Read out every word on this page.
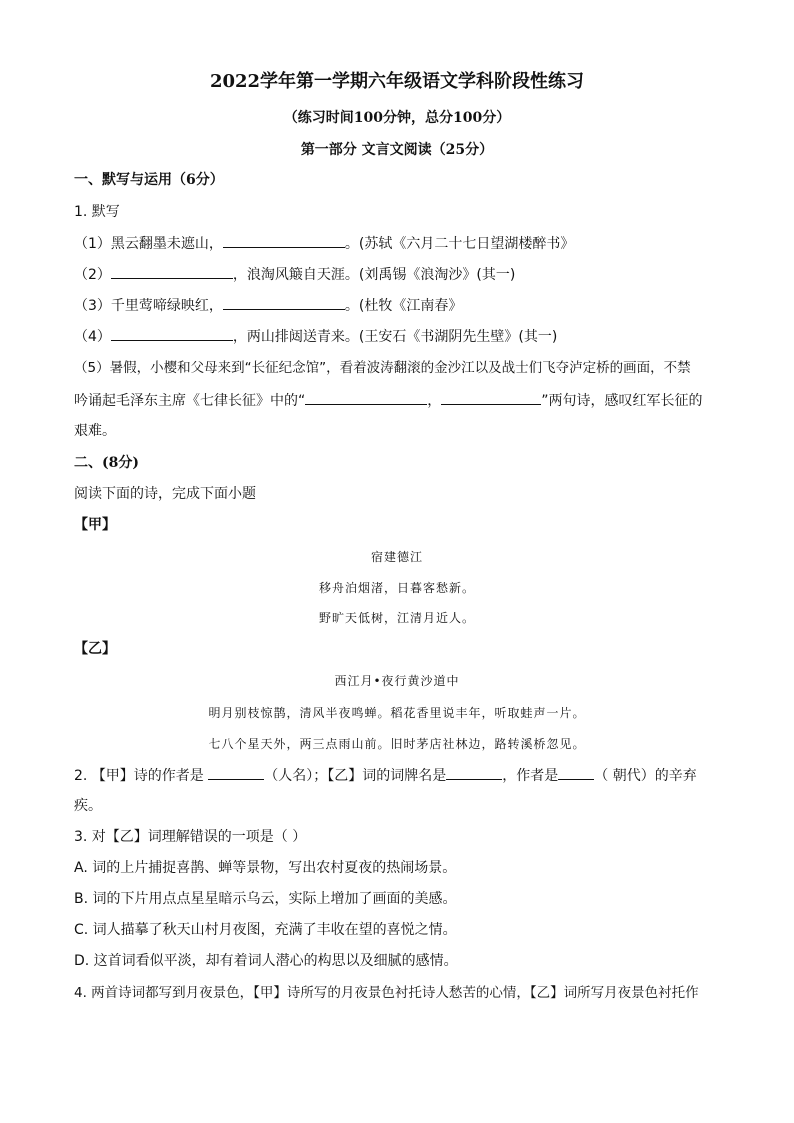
2022学年第一学期六年级语文学科阶段性练习
（练习时间100分钟，总分100分）
第一部分 文言文阅读（25分）
一、默写与运用（6分）
1. 默写
（1）黑云翻墨未遮山，	。(苏轼《六月二十七日望湖楼醉书》
（2）	，浪淘风簸自天涯。(刘禹锡《浪淘沙》(其一)
（3）千里莺啼绿映红，	。(杜牧《江南春》
（4）	，两山排闼送青来。(王安石《书湖阴先生壁》(其一)
（5）暑假，小樱和父母来到“长征纪念馆”，看着波涛翻滚的金沙江以及战士们飞夺泸定桥的画面，不禁
吟诵起毛泽东主席《七律长征》中的“	，	”两句诗，感叹红军长征的
艰难。
二、(8分)
阅读下面的诗，完成下面小题
【甲】
宿建德江
移舟泊烟渚，日暮客愁新。
野旷天低树，江清月近人。
【乙】
西江月•夜行黄沙道中
明月别枝惊鹊，清风半夜鸣蝉。稻花香里说丰年，听取蛙声一片。
七八个星天外，两三点雨山前。旧时茅店社林边，路转溪桥忽见。
2. 【甲】诗的作者是	（人名）；【乙】词的词牌名是	，作者是	（ 朝代）的辛弃
疾。
3. 对【乙】词理解错误的一项是（ ）
A. 词的上片捕捉喜鹊、蝉等景物，写出农村夏夜的热闹场景。
B. 词的下片用点点星星暗示乌云，实际上增加了画面的美感。
C. 词人描摹了秋天山村月夜图，充满了丰收在望的喜悦之情。
D. 这首词看似平淡，却有着词人潜心的构思以及细腻的感情。
4. 两首诗词都写到月夜景色，【甲】诗所写的月夜景色衬托诗人愁苦的心情，【乙】词所写月夜景色衬托作
